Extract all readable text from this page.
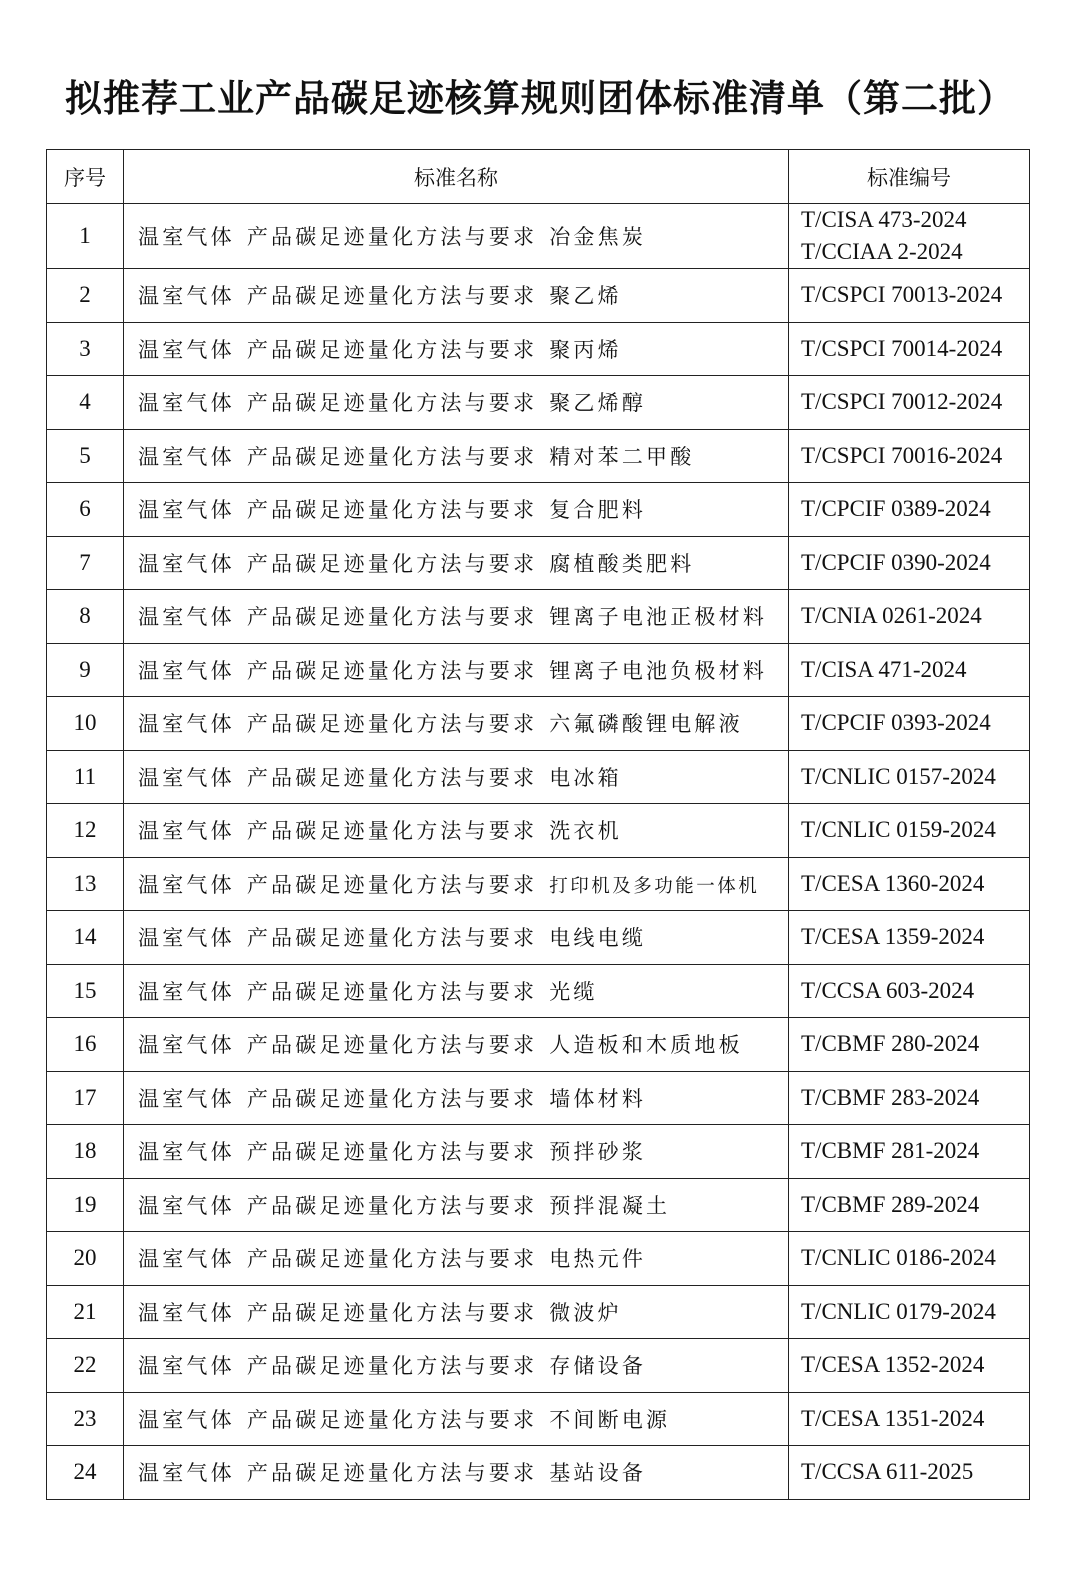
拟推荐工业产品碳足迹核算规则团体标准清单（第二批）
序号	标准名称	标准编号
1	温室气体 产品碳足迹量化方法与要求 冶金焦炭	T/CISA 473-2024
T/CCIAA 2-2024

2	温室气体 产品碳足迹量化方法与要求 聚乙烯	T/CSPCI 70013-2024

3	温室气体 产品碳足迹量化方法与要求 聚丙烯	T/CSPCI 70014-2024

4	温室气体 产品碳足迹量化方法与要求 聚乙烯醇	T/CSPCI 70012-2024

5	温室气体 产品碳足迹量化方法与要求 精对苯二甲酸	T/CSPCI 70016-2024

6	温室气体 产品碳足迹量化方法与要求 复合肥料	T/CPCIF 0389-2024

7	温室气体 产品碳足迹量化方法与要求 腐植酸类肥料	T/CPCIF 0390-2024

8	温室气体 产品碳足迹量化方法与要求 锂离子电池正极材料	T/CNIA 0261-2024

9	温室气体 产品碳足迹量化方法与要求 锂离子电池负极材料	T/CISA 471-2024

10	温室气体 产品碳足迹量化方法与要求 六氟磷酸锂电解液	T/CPCIF 0393-2024

11	温室气体 产品碳足迹量化方法与要求 电冰箱	T/CNLIC 0157-2024

12	温室气体 产品碳足迹量化方法与要求 洗衣机	T/CNLIC 0159-2024

13	温室气体 产品碳足迹量化方法与要求 打印机及多功能一体机	T/CESA 1360-2024

14	温室气体 产品碳足迹量化方法与要求 电线电缆	T/CESA 1359-2024

15	温室气体 产品碳足迹量化方法与要求 光缆	T/CCSA 603-2024

16	温室气体 产品碳足迹量化方法与要求 人造板和木质地板	T/CBMF 280-2024

17	温室气体 产品碳足迹量化方法与要求 墙体材料	T/CBMF 283-2024

18	温室气体 产品碳足迹量化方法与要求 预拌砂浆	T/CBMF 281-2024

19	温室气体 产品碳足迹量化方法与要求 预拌混凝土	T/CBMF 289-2024

20	温室气体 产品碳足迹量化方法与要求 电热元件	T/CNLIC 0186-2024

21	温室气体 产品碳足迹量化方法与要求 微波炉	T/CNLIC 0179-2024

22	温室气体 产品碳足迹量化方法与要求 存储设备	T/CESA 1352-2024

23	温室气体 产品碳足迹量化方法与要求 不间断电源	T/CESA 1351-2024

24	温室气体 产品碳足迹量化方法与要求 基站设备	T/CCSA 611-2025
